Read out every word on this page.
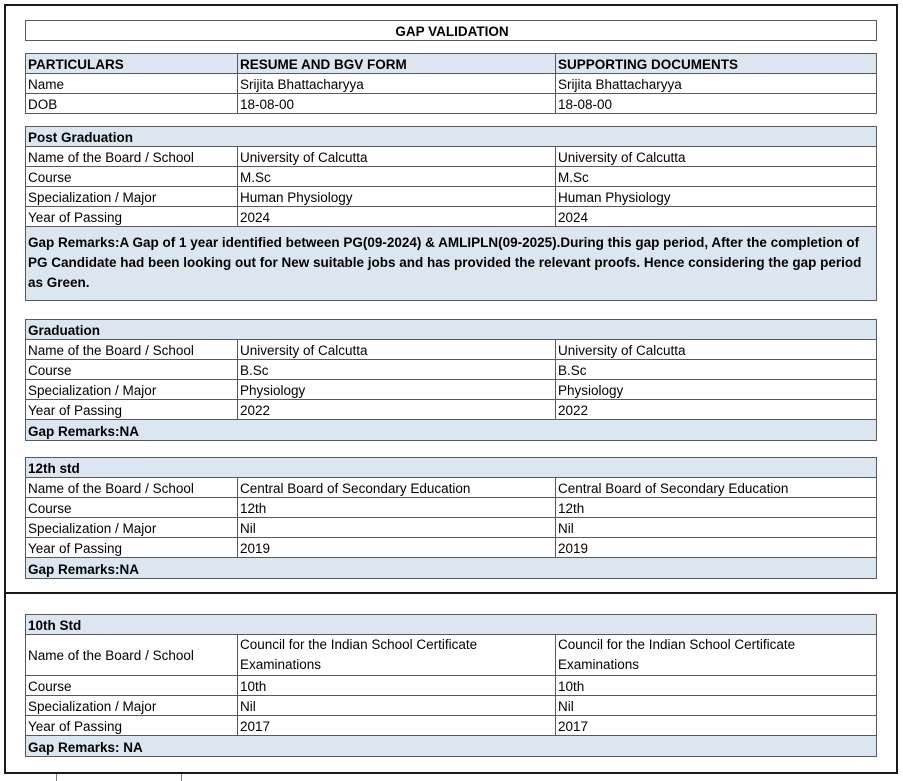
GAP VALIDATION
PARTICULARS	RESUME AND BGV FORM	SUPPORTING DOCUMENTS
Name	Srijita Bhattacharyya	Srijita Bhattacharyya
DOB	18-08-00	18-08-00
Post Graduation		
Name of the Board / School	University of Calcutta	University of Calcutta
Course	M.Sc	M.Sc
Specialization / Major	Human Physiology	Human Physiology
Year of Passing	2024	2024
Gap Remarks:A Gap of 1 year identified between PG(09-2024) & AMLIPLN(09-2025).During this gap period, After the completion of PG Candidate had been looking out for New suitable jobs and has provided the relevant proofs. Hence considering the gap period as Green.		
Graduation		
Name of the Board / School	University of Calcutta	University of Calcutta
Course	B.Sc	B.Sc
Specialization / Major	Physiology	Physiology
Year of Passing	2022	2022
Gap Remarks:NA		
12th std		
Name of the Board / School	Central Board of Secondary Education	Central Board of Secondary Education
Course	12th	12th
Specialization / Major	Nil	Nil
Year of Passing	2019	2019
Gap Remarks:NA		
10th Std		
Name of the Board / School	Council for the Indian School Certificate Examinations	Council for the Indian School Certificate Examinations
Course	10th	10th
Specialization / Major	Nil	Nil
Year of Passing	2017	2017
Gap Remarks: NA		
